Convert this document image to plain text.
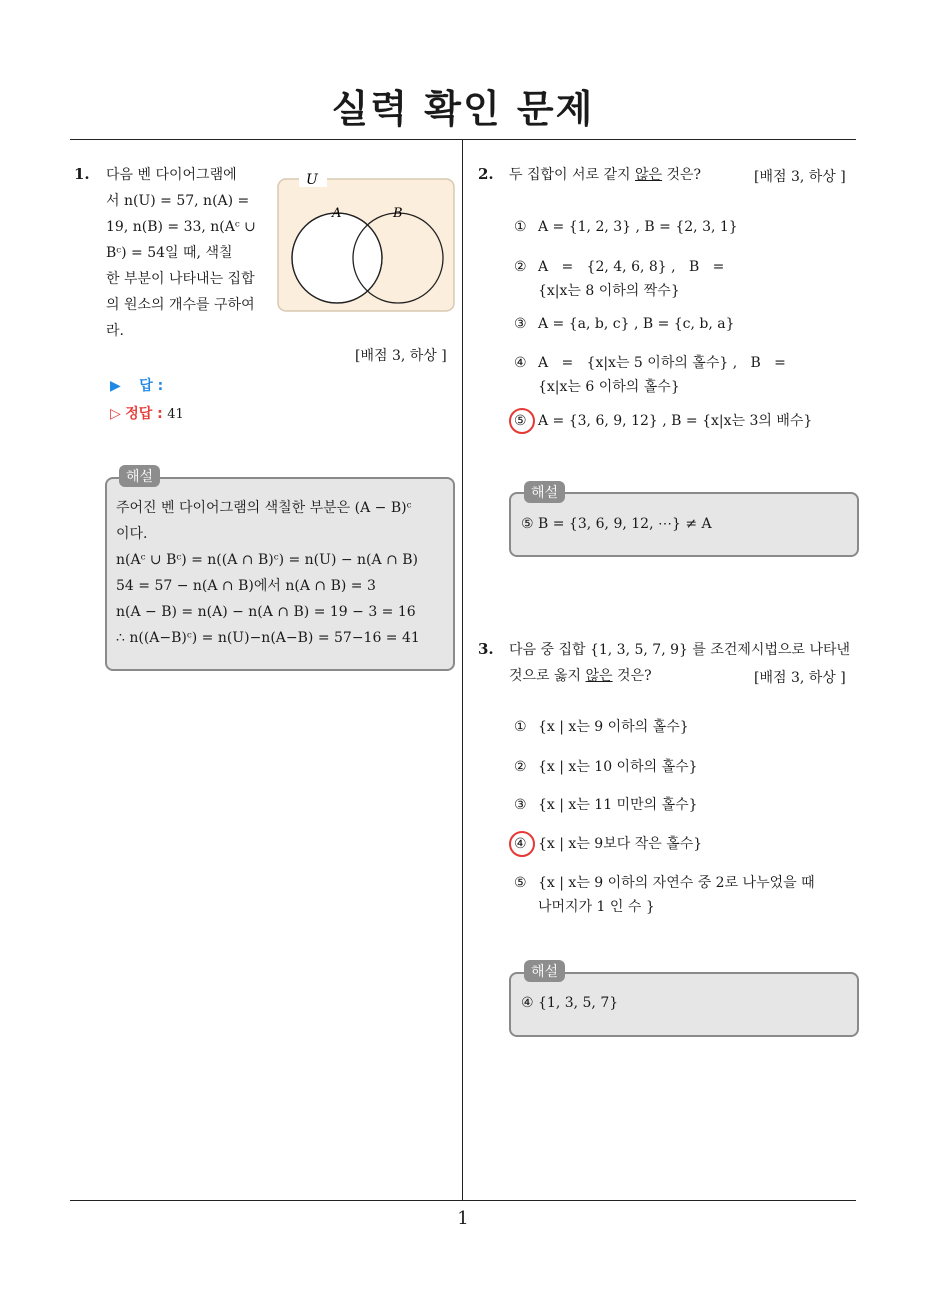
실력 확인 문제
1
1. 다음 벤 다이어그램에
서 n(U) = 57, n(A) =
19, n(B) = 33, n(Aᶜ ∪
Bᶜ) = 54일 때, 색칠
한 부분이 나타내는 집합
의 원소의 개수를 구하여
라.
U
A	B
[배점 3, 하상 ]
▶ 답 :
▷ 정답 : 41
해설
주어진 벤 다이어그램의 색칠한 부분은 (A − B)ᶜ
이다.
n(Aᶜ ∪ Bᶜ) = n((A ∩ B)ᶜ) = n(U) − n(A ∩ B)
54 = 57 − n(A ∩ B)에서 n(A ∩ B) = 3
n(A − B) = n(A) − n(A ∩ B) = 19 − 3 = 16
∴ n((A−B)ᶜ) = n(U)−n(A−B) = 57−16 = 41
2. 두 집합이 서로 같지 않은 것은?	[배점 3, 하상 ]
① A = {1, 2, 3} , B = {2, 3, 1}
② A   =   {2, 4, 6, 8} ,   B   =
{x|x는 8 이하의 짝수}
③ A = {a, b, c} , B = {c, b, a}
④ A   =   {x|x는 5 이하의 홀수} ,   B   =
{x|x는 6 이하의 홀수}
⑤ A = {3, 6, 9, 12} , B = {x|x는 3의 배수}
해설
⑤ B = {3, 6, 9, 12, ⋯} ≠ A
3. 다음 중 집합 {1, 3, 5, 7, 9} 를 조건제시법으로 나타낸
것으로 옳지 않은 것은?	[배점 3, 하상 ]
① {x | x는 9 이하의 홀수}
② {x | x는 10 이하의 홀수}
③ {x | x는 11 미만의 홀수}
④ {x | x는 9보다 작은 홀수}
⑤ {x | x는 9 이하의 자연수 중 2로 나누었을 때
나머지가 1 인 수 }
해설
④ {1, 3, 5, 7}
